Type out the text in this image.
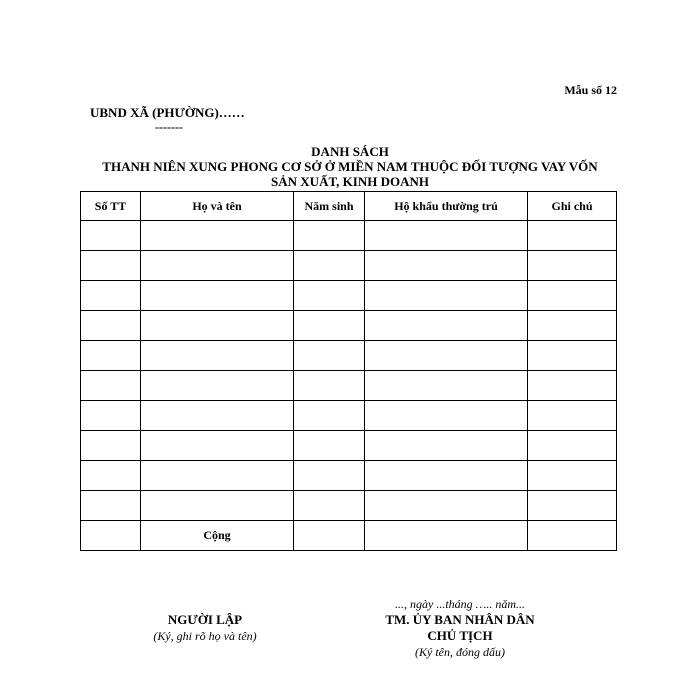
Mẫu số 12
UBND XÃ (PHƯỜNG)……
-------
DANH SÁCH
THANH NIÊN XUNG PHONG CƠ SỞ Ở MIỀN NAM THUỘC ĐỐI TƯỢNG VAY VỐN
SẢN XUẤT, KINH DOANH
Số TT	Họ và tên	Năm sinh	Hộ khẩu thường trú	Ghi chú

	Cộng			
NGƯỜI LẬP
(Ký, ghi rõ họ và tên)
..., ngày ...tháng ….. năm...
TM. ỦY BAN NHÂN DÂN
CHỦ TỊCH
(Ký tên, đóng dấu)
